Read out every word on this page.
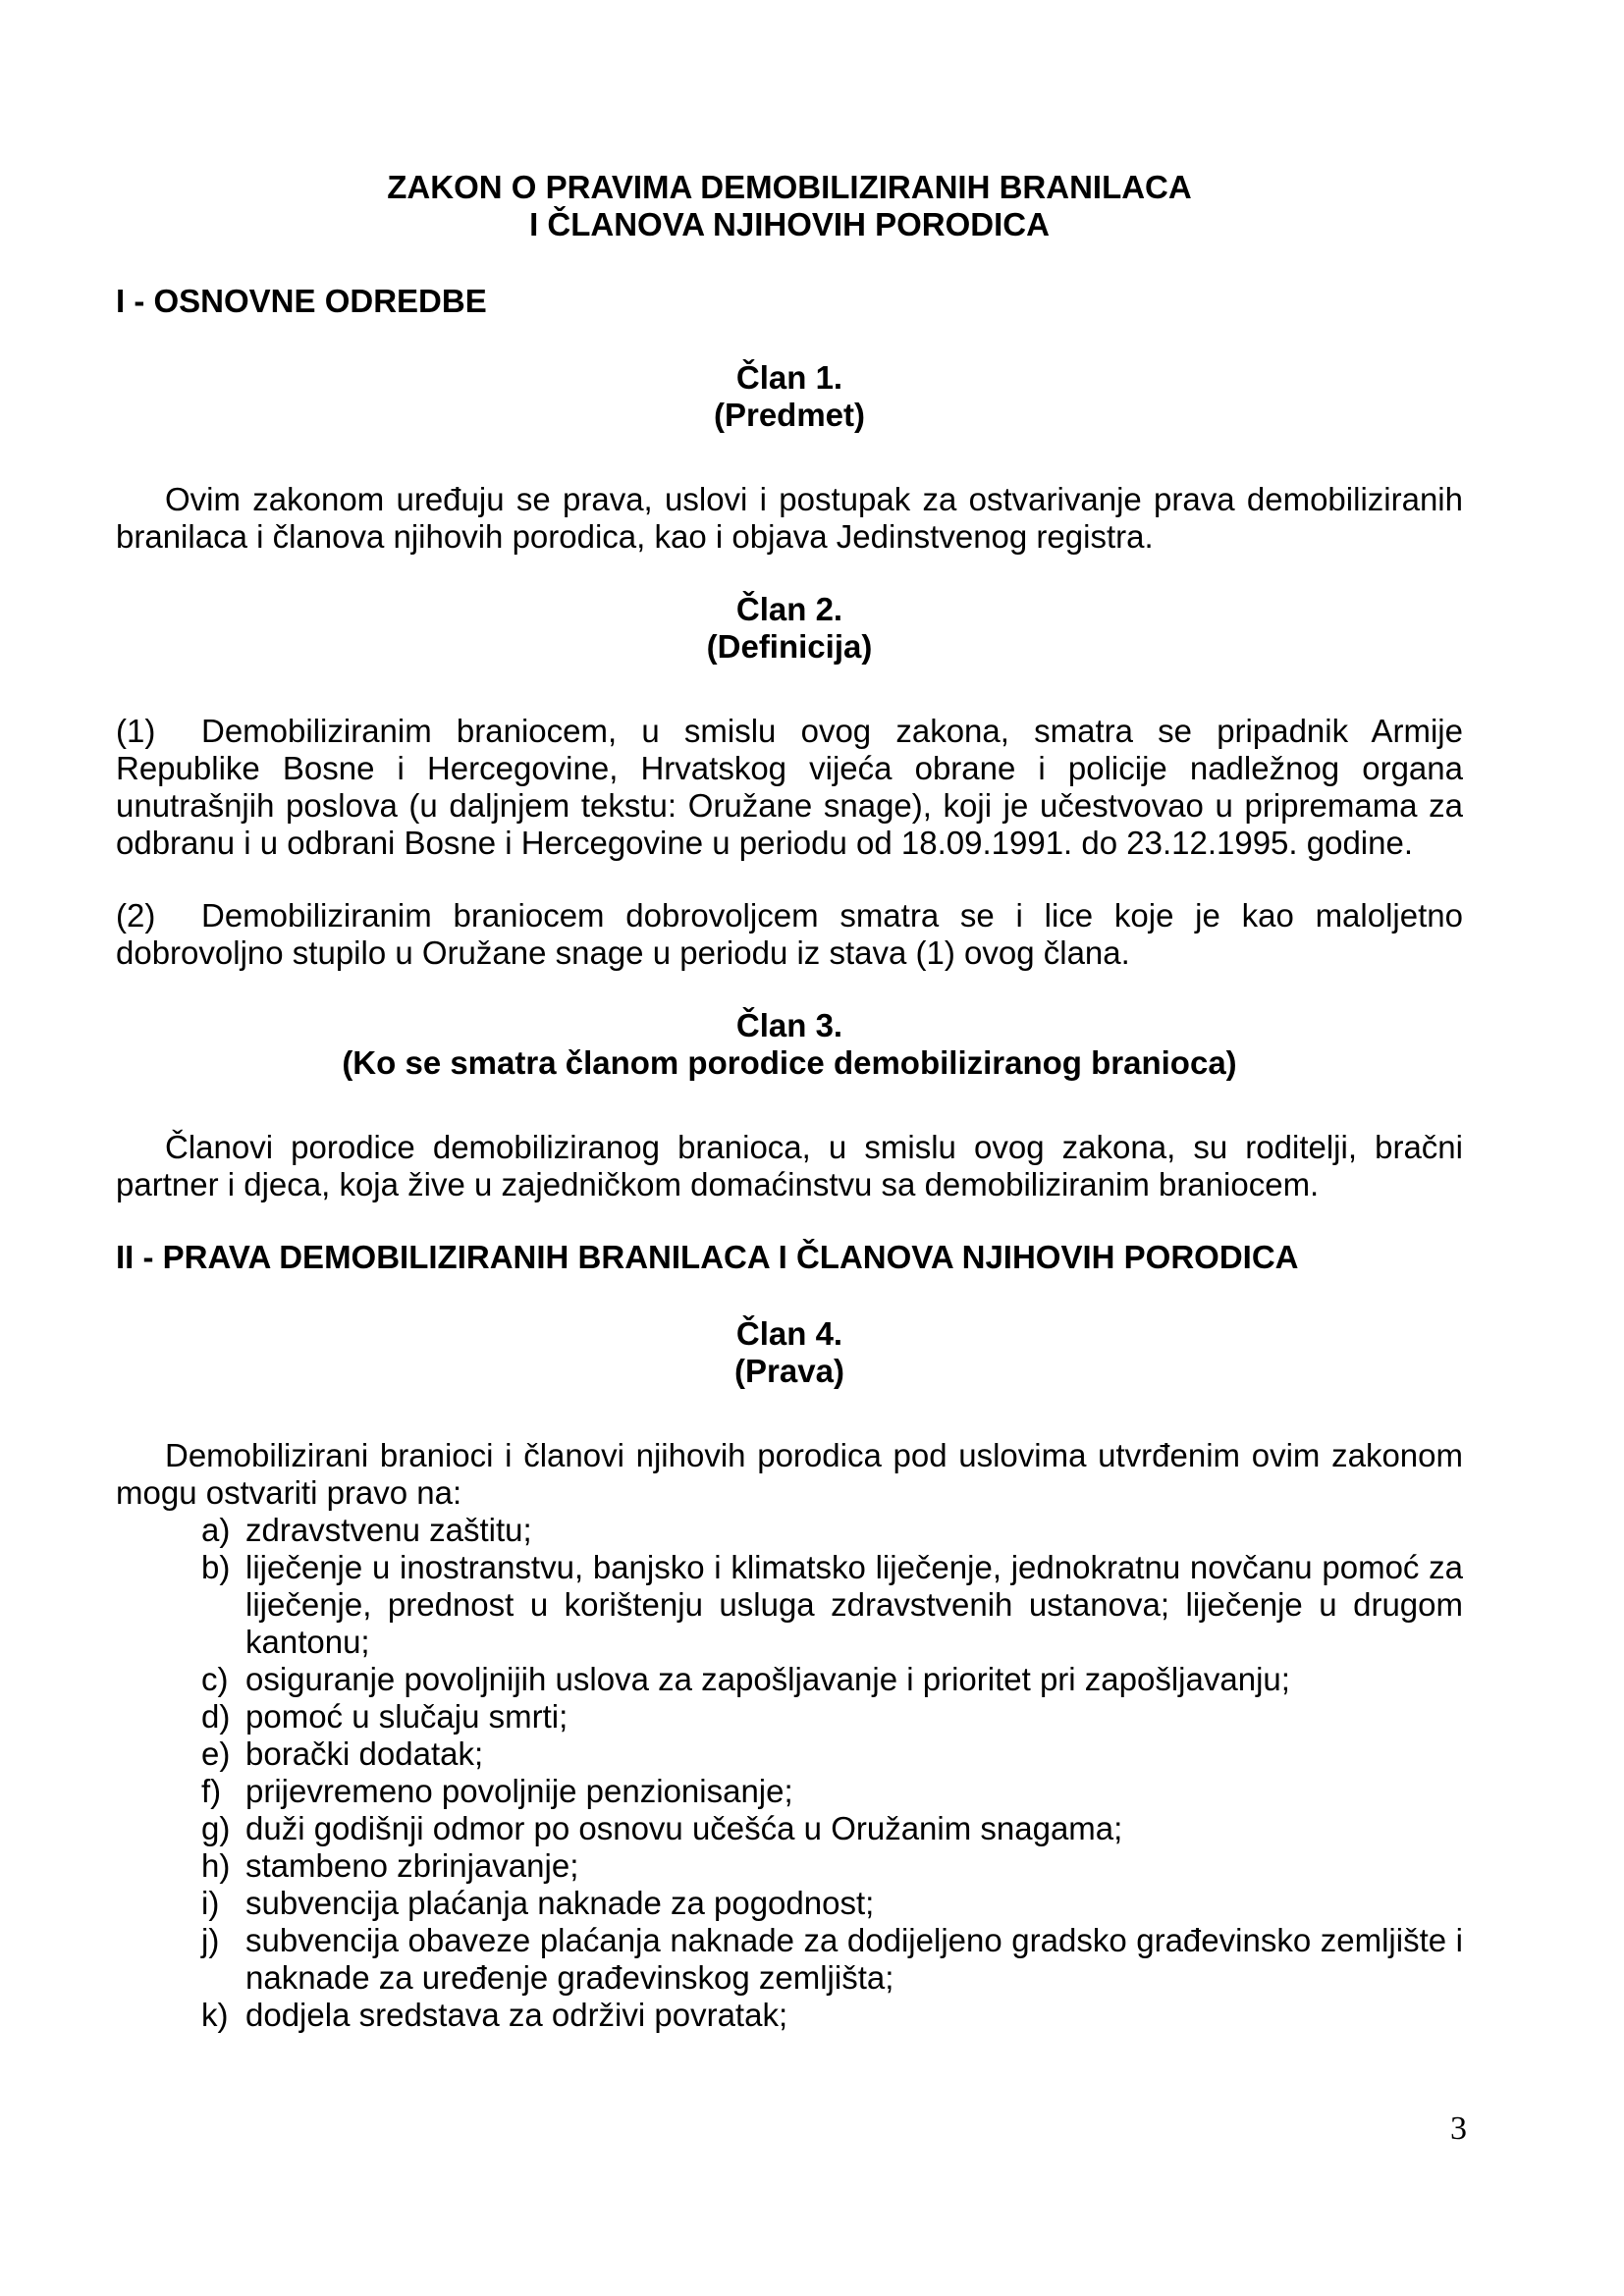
ZAKON O PRAVIMA DEMOBILIZIRANIH BRANILACA
I ČLANOVA NJIHOVIH PORODICA
I - OSNOVNE ODREDBE
Član 1.
(Predmet)

Ovim zakonom uređuju se prava, uslovi i postupak za ostvarivanje prava demobiliziranih branilaca i članova njihovih porodica, kao i objava Jedinstvenog registra.

Član 2.
(Definicija)

(1) Demobiliziranim braniocem, u smislu ovog zakona, smatra se pripadnik Armije Republike Bosne i Hercegovine, Hrvatskog vijeća obrane i policije nadležnog organa unutrašnjih poslova (u daljnjem tekstu: Oružane snage), koji je učestvovao u pripremama za odbranu i u odbrani Bosne i Hercegovine u periodu od 18.09.1991. do 23.12.1995. godine.

(2) Demobiliziranim braniocem dobrovoljcem smatra se i lice koje je kao maloljetno dobrovoljno stupilo u Oružane snage u periodu iz stava (1) ovog člana.

Član 3.
(Ko se smatra članom porodice demobiliziranog branioca)

Članovi porodice demobiliziranog branioca, u smislu ovog zakona, su roditelji, bračni partner i djeca, koja žive u zajedničkom domaćinstvu sa demobiliziranim braniocem.

II - PRAVA DEMOBILIZIRANIH BRANILACA I ČLANOVA NJIHOVIH PORODICA
Član 4.
(Prava)

Demobilizirani branioci i članovi njihovih porodica pod uslovima utvrđenim ovim zakonom mogu ostvariti pravo na:

a) zdravstvenu zaštitu;
b) liječenje u inostranstvu, banjsko i klimatsko liječenje, jednokratnu novčanu pomoć za liječenje, prednost u korištenju usluga zdravstvenih ustanova; liječenje u drugom kantonu;
c) osiguranje povoljnijih uslova za zapošljavanje i prioritet pri zapošljavanju;
d) pomoć u slučaju smrti;
e) borački dodatak;
f) prijevremeno povoljnije penzionisanje;
g) duži godišnji odmor po osnovu učešća u Oružanim snagama;
h) stambeno zbrinjavanje;
i) subvencija plaćanja naknade za pogodnost;
j) subvencija obaveze plaćanja naknade za dodijeljeno gradsko građevinsko zemljište i naknade za uređenje građevinskog zemljišta;
k) dodjela sredstava za održivi povratak;
3
